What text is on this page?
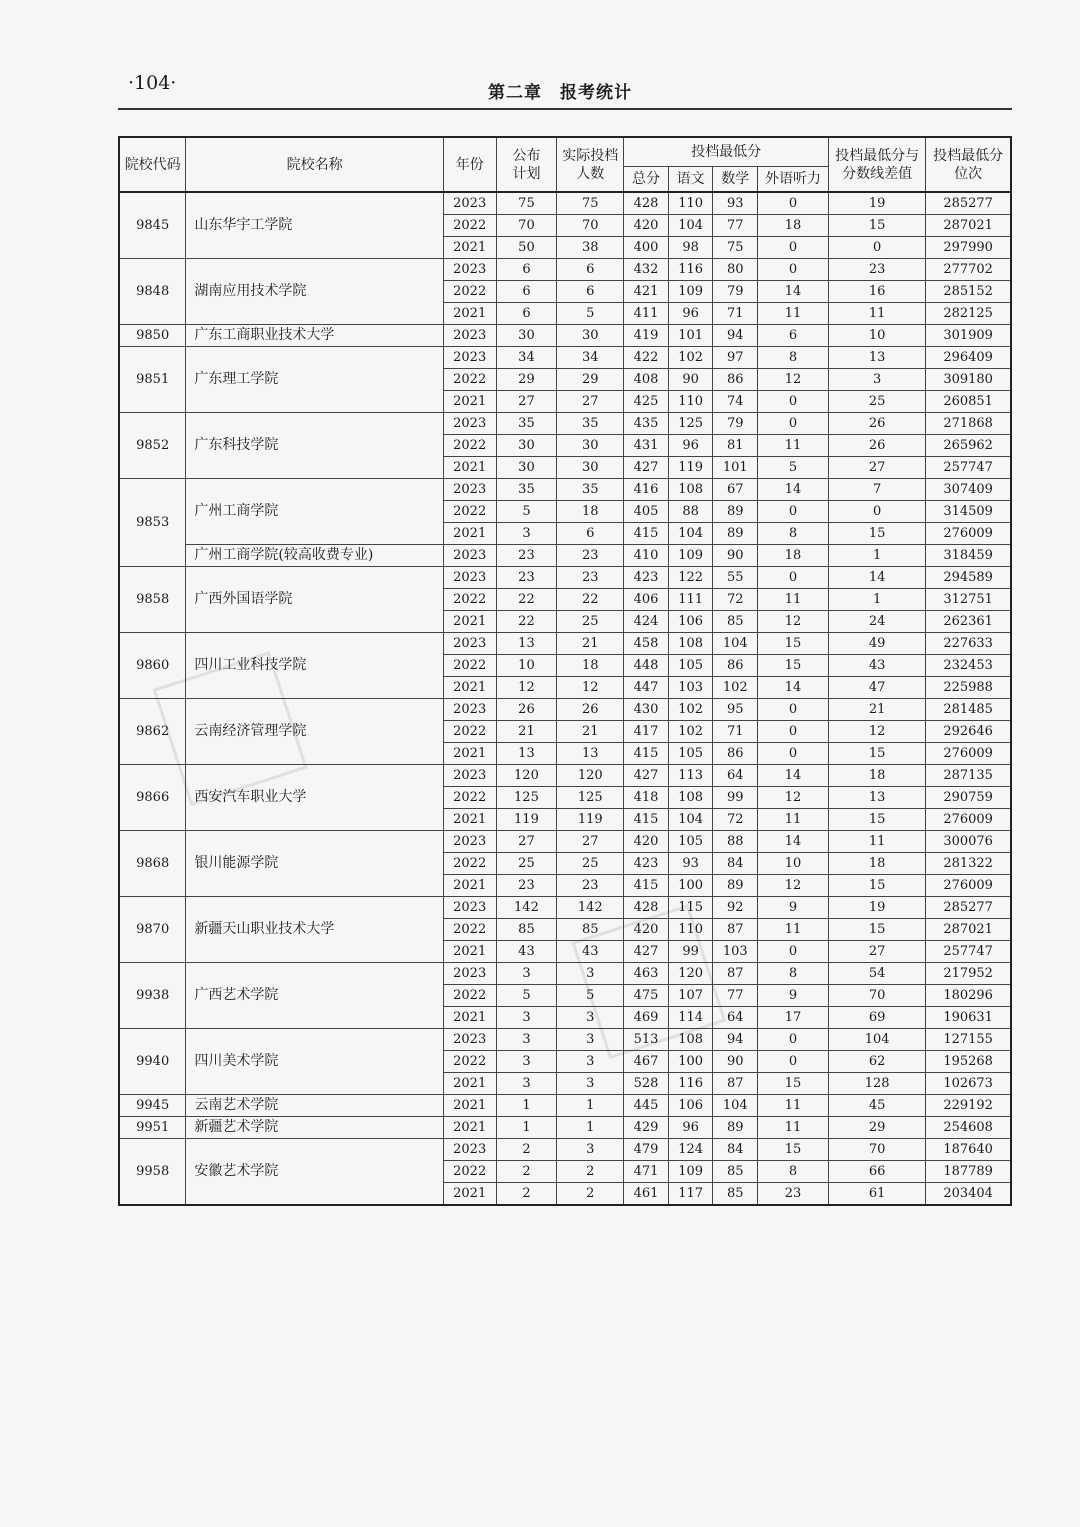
·104·	第二章　报考统计
院校代码	院校名称	年份	公布计划	实际投档人数	投档最低分				投档最低分与分数线差值	投档最低分位次
					总分	语文	数学	外语听力		
9845	山东华宇工学院	2023	75	75	428	110	93	0	19	285277
		2022	70	70	420	104	77	18	15	287021
		2021	50	38	400	98	75	0	0	297990
9848	湖南应用技术学院	2023	6	6	432	116	80	0	23	277702
		2022	6	6	421	109	79	14	16	285152
		2021	6	5	411	96	71	11	11	282125
9850	广东工商职业技术大学	2023	30	30	419	101	94	6	10	301909
9851	广东理工学院	2023	34	34	422	102	97	8	13	296409
		2022	29	29	408	90	86	12	3	309180
		2021	27	27	425	110	74	0	25	260851
9852	广东科技学院	2023	35	35	435	125	79	0	26	271868
		2022	30	30	431	96	81	11	26	265962
		2021	30	30	427	119	101	5	27	257747
9853	广州工商学院	2023	35	35	416	108	67	14	7	307409
		2022	5	18	405	88	89	0	0	314509
		2021	3	6	415	104	89	8	15	276009
	广州工商学院(较高收费专业)	2023	23	23	410	109	90	18	1	318459
9858	广西外国语学院	2023	23	23	423	122	55	0	14	294589
		2022	22	22	406	111	72	11	1	312751
		2021	22	25	424	106	85	12	24	262361
9860	四川工业科技学院	2023	13	21	458	108	104	15	49	227633
		2022	10	18	448	105	86	15	43	232453
		2021	12	12	447	103	102	14	47	225988
9862	云南经济管理学院	2023	26	26	430	102	95	0	21	281485
		2022	21	21	417	102	71	0	12	292646
		2021	13	13	415	105	86	0	15	276009
9866	西安汽车职业大学	2023	120	120	427	113	64	14	18	287135
		2022	125	125	418	108	99	12	13	290759
		2021	119	119	415	104	72	11	15	276009
9868	银川能源学院	2023	27	27	420	105	88	14	11	300076
		2022	25	25	423	93	84	10	18	281322
		2021	23	23	415	100	89	12	15	276009
9870	新疆天山职业技术大学	2023	142	142	428	115	92	9	19	285277
		2022	85	85	420	110	87	11	15	287021
		2021	43	43	427	99	103	0	27	257747
9938	广西艺术学院	2023	3	3	463	120	87	8	54	217952
		2022	5	5	475	107	77	9	70	180296
		2021	3	3	469	114	64	17	69	190631
9940	四川美术学院	2023	3	3	513	108	94	0	104	127155
		2022	3	3	467	100	90	0	62	195268
		2021	3	3	528	116	87	15	128	102673
9945	云南艺术学院	2021	1	1	445	106	104	11	45	229192
9951	新疆艺术学院	2021	1	1	429	96	89	11	29	254608
9958	安徽艺术学院	2023	2	3	479	124	84	15	70	187640
		2022	2	2	471	109	85	8	66	187789
		2021	2	2	461	117	85	23	61	203404
